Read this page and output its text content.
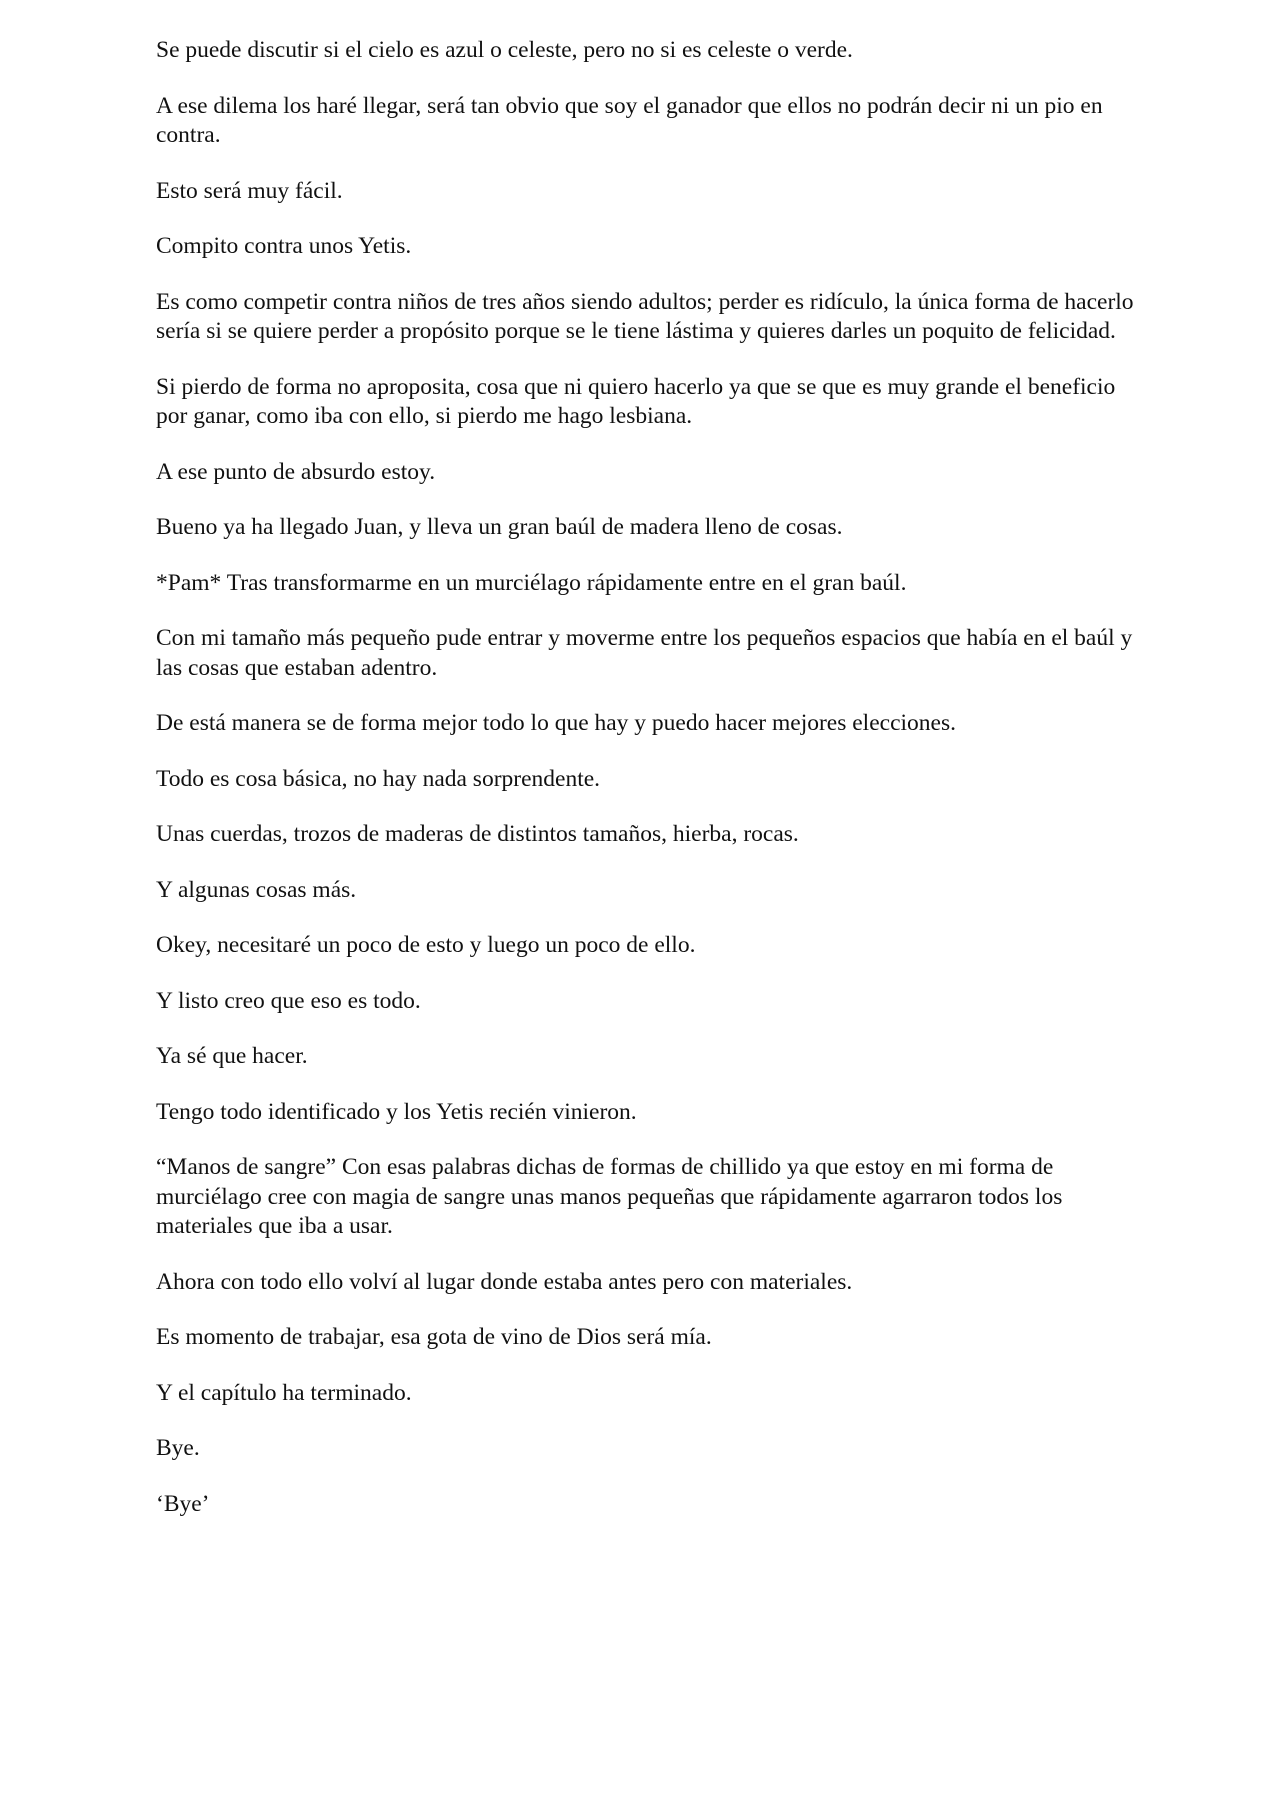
Se puede discutir si el cielo es azul o celeste, pero no si es celeste o verde.

A ese dilema los haré llegar, será tan obvio que soy el ganador que ellos no podrán decir ni un pio en contra.

Esto será muy fácil.

Compito contra unos Yetis.

Es como competir contra niños de tres años siendo adultos; perder es ridículo, la única forma de hacerlo sería si se quiere perder a propósito porque se le tiene lástima y quieres darles un poquito de felicidad.

Si pierdo de forma no aproposita, cosa que ni quiero hacerlo ya que se que es muy grande el beneficio por ganar, como iba con ello, si pierdo me hago lesbiana.

A ese punto de absurdo estoy.

Bueno ya ha llegado Juan, y lleva un gran baúl de madera lleno de cosas.

*Pam* Tras transformarme en un murciélago rápidamente entre en el gran baúl.

Con mi tamaño más pequeño pude entrar y moverme entre los pequeños espacios que había en el baúl y las cosas que estaban adentro.

De está manera se de forma mejor todo lo que hay y puedo hacer mejores elecciones.

Todo es cosa básica, no hay nada sorprendente.

Unas cuerdas, trozos de maderas de distintos tamaños, hierba, rocas.

Y algunas cosas más.

Okey, necesitaré un poco de esto y luego un poco de ello.

Y listo creo que eso es todo.

Ya sé que hacer.

Tengo todo identificado y los Yetis recién vinieron.

“Manos de sangre” Con esas palabras dichas de formas de chillido ya que estoy en mi forma de murciélago cree con magia de sangre unas manos pequeñas que rápidamente agarraron todos los materiales que iba a usar.

Ahora con todo ello volví al lugar donde estaba antes pero con materiales.

Es momento de trabajar, esa gota de vino de Dios será mía.

Y el capítulo ha terminado.

Bye.

‘Bye’
